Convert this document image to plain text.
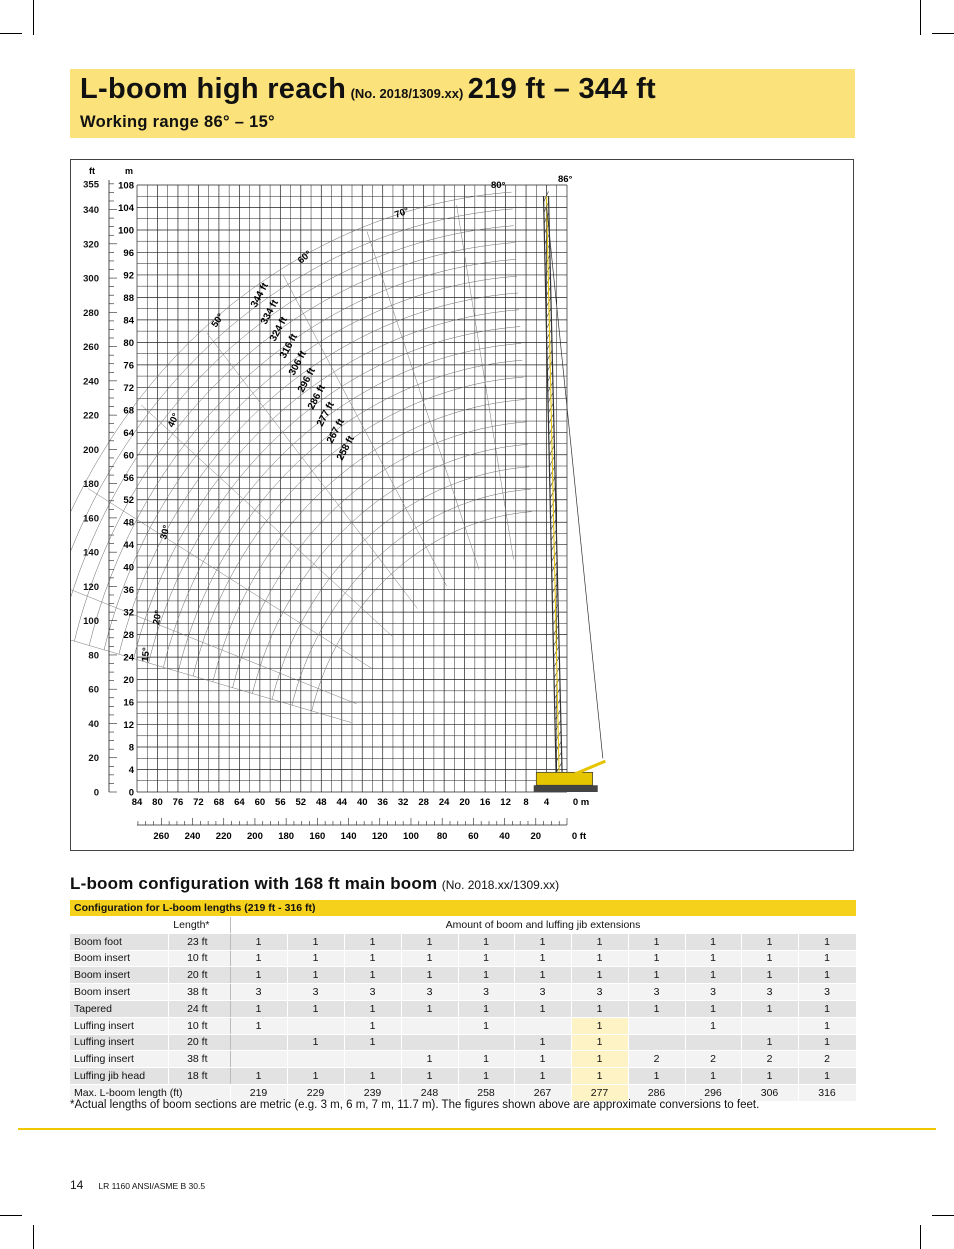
L-boom high reach (No. 2018/1309.xx) 219 ft – 344 ft
Working range 86° – 15°
355
340
320
300
280
260
240
220
200
180
160
140
120
100
80
60
40
20
0
ft	m
108
104
100
96
92
88
84
80
76
72
68
64
60
56
52
48
44
40
36
32
28
24
20
16
12
8
4
0
84 80 76 72 68 64 60 56 52 48 44 40 36 32 28 24 20 16 12 8 4 0 m
260 240 220 200 180 160 140 120 100 80 60 40 20	0 ft
86°
80°
70°
60°
50°
40°
30°
20°
15°
344 ft
334 ft
324 ft
316 ft
306 ft
296 ft
286 ft
277 ft
267 ft
258 ft
L-boom configuration with 168 ft main boom (No. 2018.xx/1309.xx)
Configuration for L-boom lengths (219 ft - 316 ft)												
	Length*	Amount of boom and luffing jib extensions										
Boom foot	23 ft	1	1	1	1	1	1	1	1	1	1	1
Boom insert	10 ft	1	1	1	1	1	1	1	1	1	1	1
Boom insert	20 ft	1	1	1	1	1	1	1	1	1	1	1
Boom insert	38 ft	3	3	3	3	3	3	3	3	3	3	3
Tapered	24 ft	1	1	1	1	1	1	1	1	1	1	1
Luffing insert	10 ft	1		1		1		1		1		1
Luffing insert	20 ft		1	1			1	1			1	1
Luffing insert	38 ft				1	1	1	1	2	2	2	2
Luffing jib head	18 ft	1	1	1	1	1	1	1	1	1	1	1
Max. L-boom length (ft)		219	229	239	248	258	267	277	286	296	306	316
*Actual lengths of boom sections are metric (e.g. 3 m, 6 m, 7 m, 11.7 m). The figures shown above are approximate conversions to feet.
14 LR 1160 ANSI/ASME B 30.5
